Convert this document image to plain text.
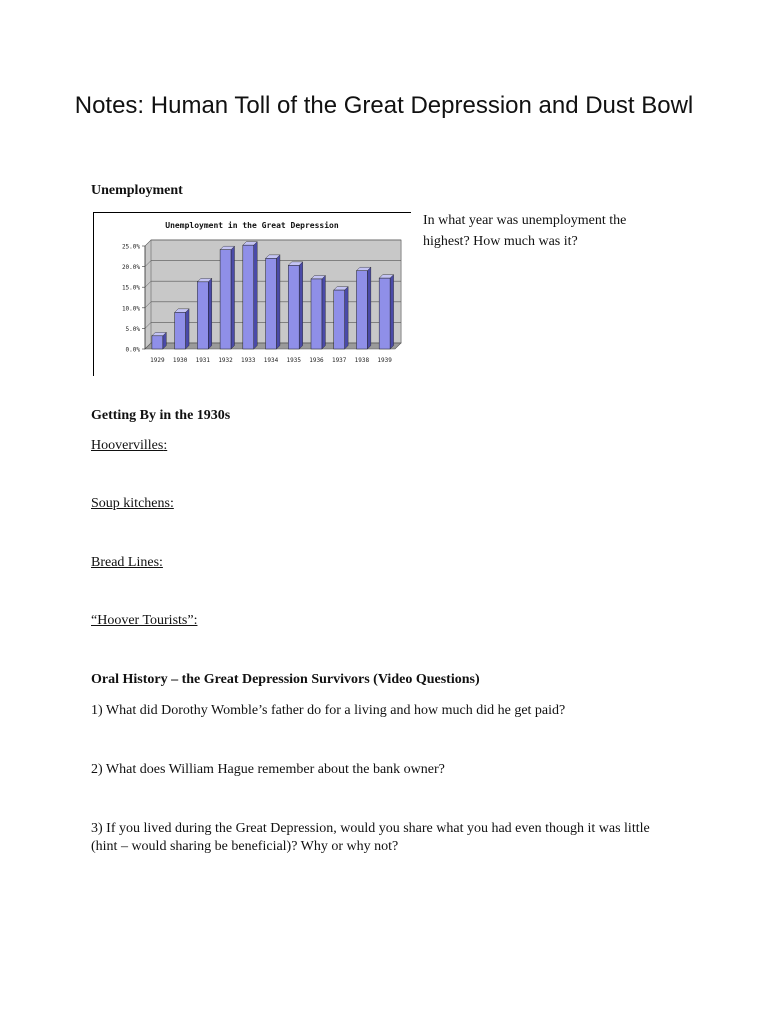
Notes: Human Toll of the Great Depression and Dust Bowl

Unemployment

Unemployment in the Great Depression
0.0%
5.0%
10.0%
15.0%
20.0%
25.0%
1929 1930 1931 1932 1933 1934 1935 1936 1937 1938 1939

In what year was unemployment the highest? How much was it?

Getting By in the 1930s

Hoovervilles:
Soup kitchens:
Bread Lines:
“Hoover Tourists”:

Oral History – the Great Depression Survivors (Video Questions)

1) What did Dorothy Womble’s father do for a living and how much did he get paid?

2) What does William Hague remember about the bank owner?

3) If you lived during the Great Depression, would you share what you had even though it was little (hint – would sharing be beneficial)? Why or why not?
